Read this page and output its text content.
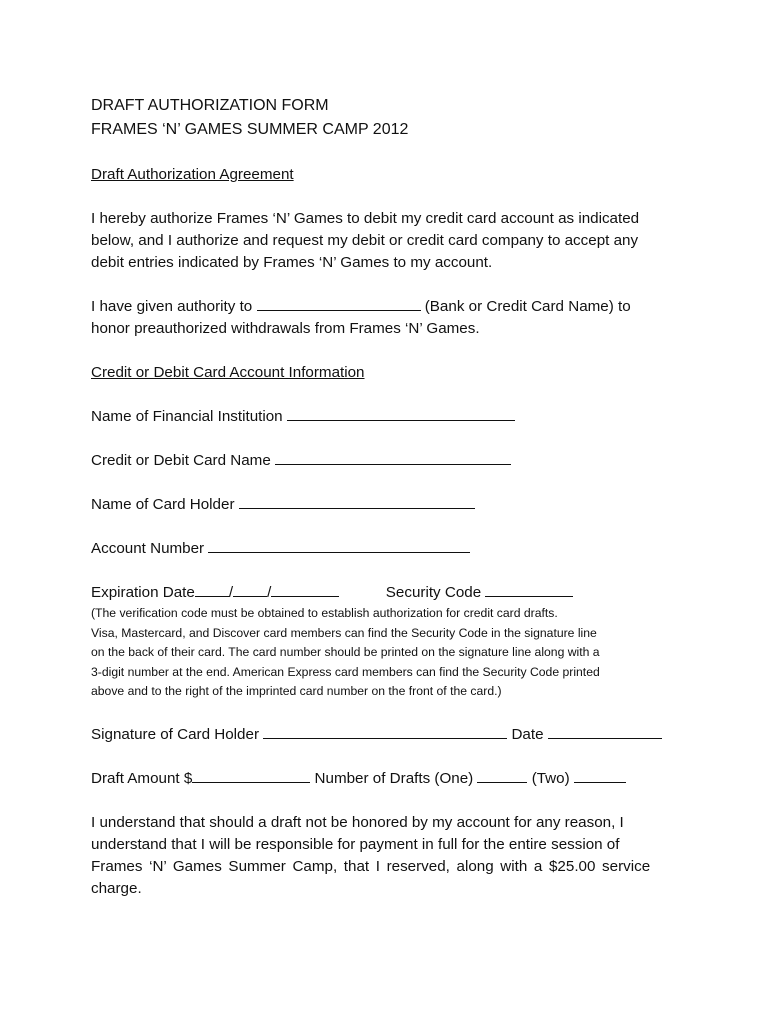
DRAFT AUTHORIZATION FORM
FRAMES ‘N’ GAMES SUMMER CAMP 2012
Draft Authorization Agreement
I hereby authorize Frames ‘N’ Games to debit my credit card account as indicated
below, and I authorize and request my debit or credit card company to accept any
debit entries indicated by Frames ‘N’ Games to my account.
I have given authority to	(Bank or Credit Card Name) to
honor preauthorized withdrawals from Frames ‘N’ Games.
Credit or Debit Card Account Information
Name of Financial Institution
Credit or Debit Card Name
Name of Card Holder
Account Number
Expiration Date / /	Security Code
(The verification code must be obtained to establish authorization for credit card drafts.
Visa, Mastercard, and Discover card members can find the Security Code in the signature line
on the back of their card. The card number should be printed on the signature line along with a
3-digit number at the end. American Express card members can find the Security Code printed
above and to the right of the imprinted card number on the front of the card.)
Signature of Card Holder	Date
Draft Amount $	Number of Drafts (One)	(Two)
I understand that should a draft not be honored by my account for any reason, I
understand that I will be responsible for payment in full for the entire session of
Frames ‘N’ Games Summer Camp, that I reserved, along with a $25.00 service
charge.
